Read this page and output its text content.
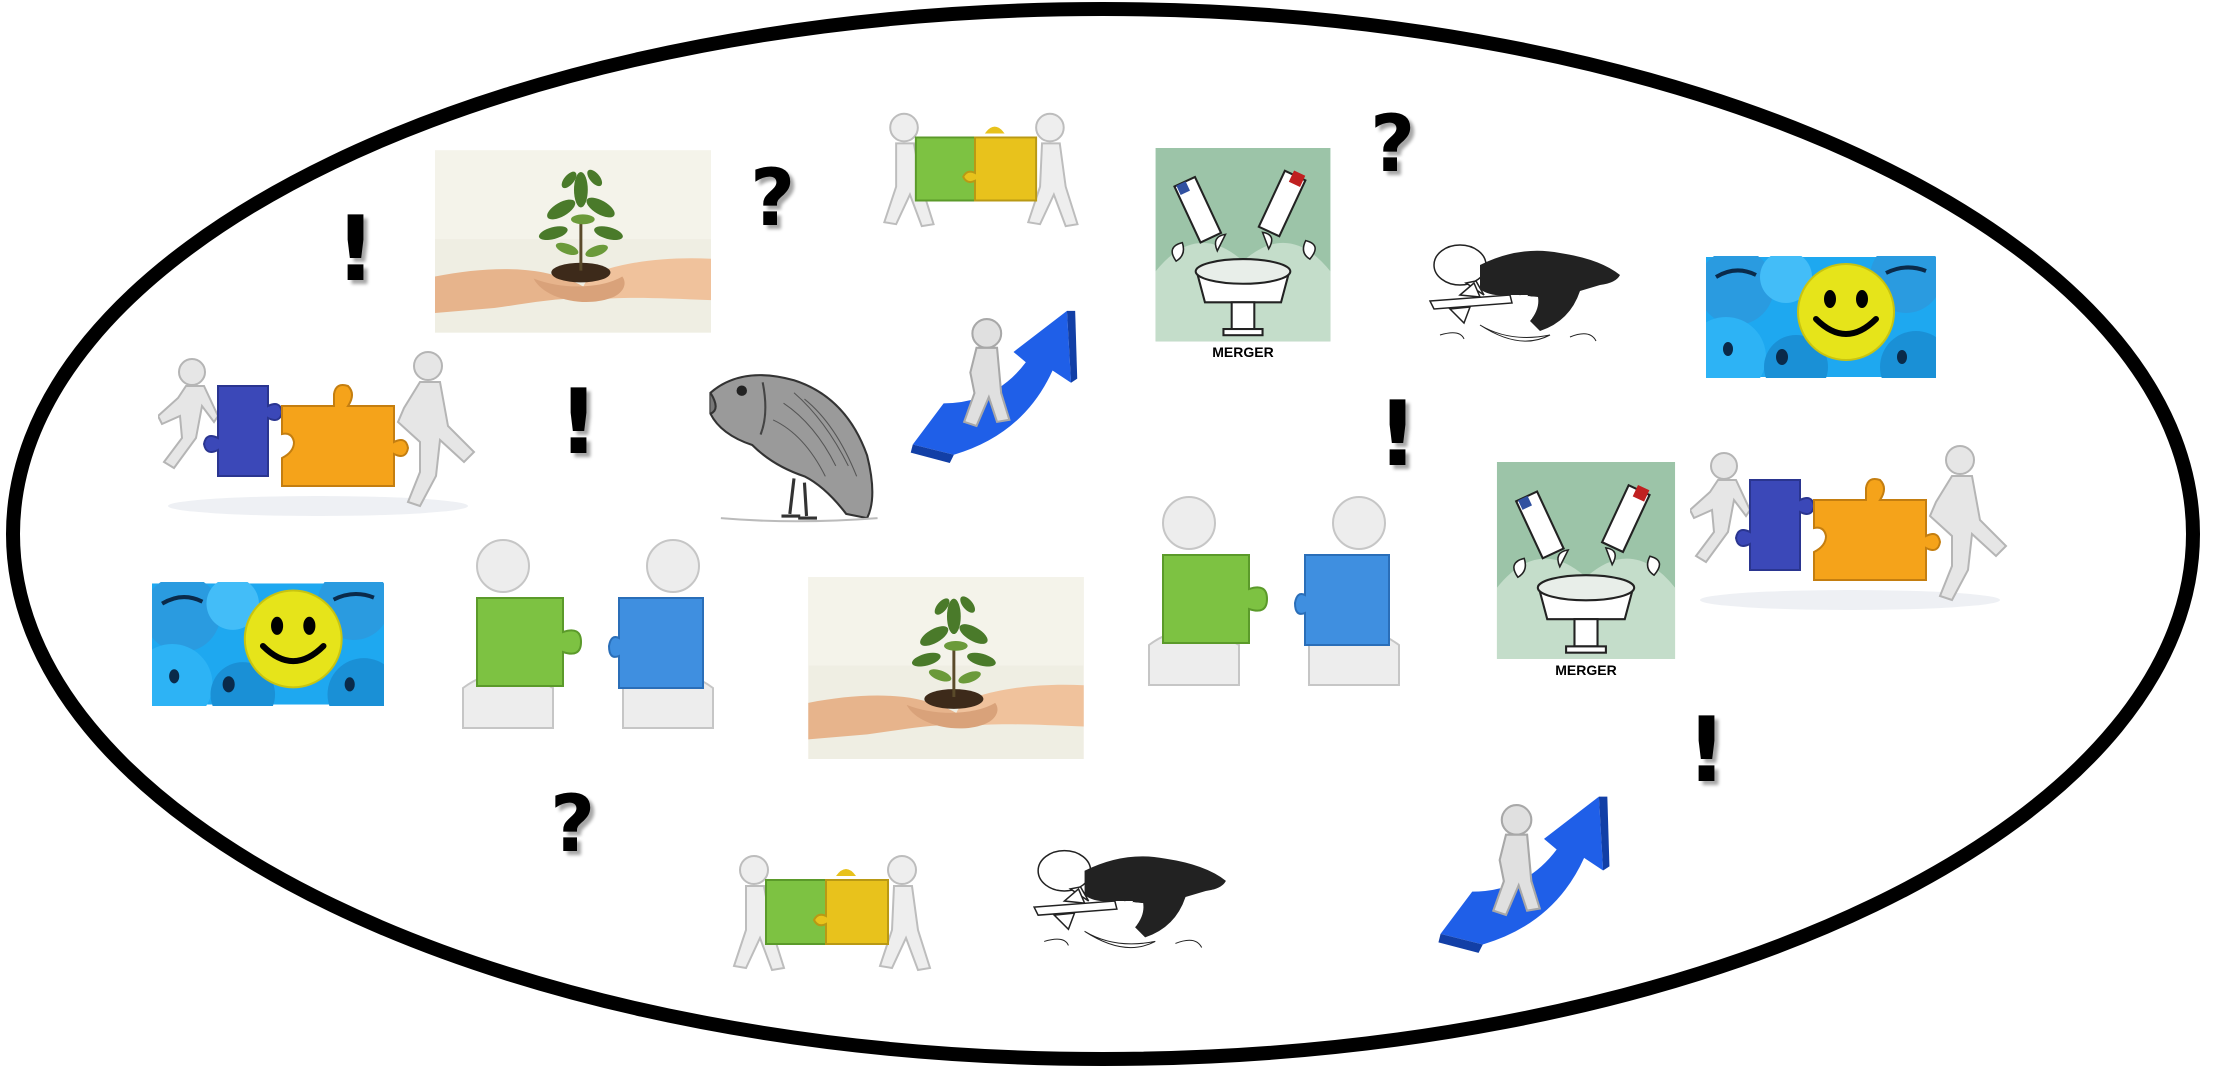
MERGER
MERGER
!
!	!
!
?
?
?
